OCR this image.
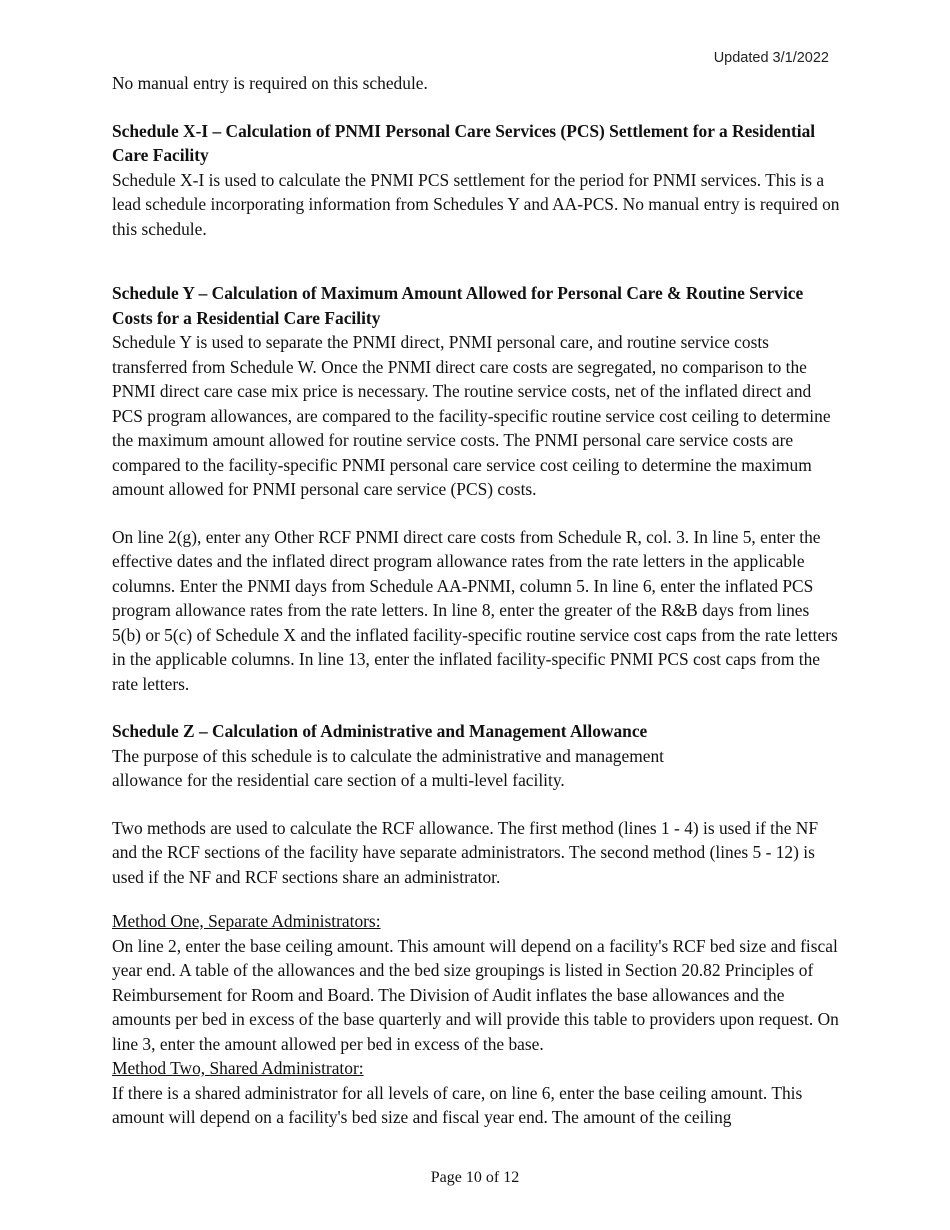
Updated 3/1/2022

No manual entry is required on this schedule.

Schedule X-I – Calculation of PNMI Personal Care Services (PCS) Settlement for a Residential Care Facility

Schedule X-I is used to calculate the PNMI PCS settlement for the period for PNMI services. This is a lead schedule incorporating information from Schedules Y and AA-PCS. No manual entry is required on this schedule.

Schedule Y – Calculation of Maximum Amount Allowed for Personal Care & Routine Service Costs for a Residential Care Facility

Schedule Y is used to separate the PNMI direct, PNMI personal care, and routine service costs transferred from Schedule W. Once the PNMI direct care costs are segregated, no comparison to the PNMI direct care case mix price is necessary. The routine service costs, net of the inflated direct and PCS program allowances, are compared to the facility-specific routine service cost ceiling to determine the maximum amount allowed for routine service costs. The PNMI personal care service costs are compared to the facility-specific PNMI personal care service cost ceiling to determine the maximum amount allowed for PNMI personal care service (PCS) costs.

On line 2(g), enter any Other RCF PNMI direct care costs from Schedule R, col. 3. In line 5, enter the effective dates and the inflated direct program allowance rates from the rate letters in the applicable columns. Enter the PNMI days from Schedule AA-PNMI, column 5. In line 6, enter the inflated PCS program allowance rates from the rate letters. In line 8, enter the greater of the R&B days from lines 5(b) or 5(c) of Schedule X and the inflated facility-specific routine service cost caps from the rate letters in the applicable columns. In line 13, enter the inflated facility-specific PNMI PCS cost caps from the rate letters.

Schedule Z – Calculation of Administrative and Management Allowance

The purpose of this schedule is to calculate the administrative and management
allowance for the residential care section of a multi-level facility.

Two methods are used to calculate the RCF allowance. The first method (lines 1 - 4) is used if the NF and the RCF sections of the facility have separate administrators. The second method (lines 5 - 12) is used if the NF and RCF sections share an administrator.

Method One, Separate Administrators:

On line 2, enter the base ceiling amount. This amount will depend on a facility's RCF bed size and fiscal year end. A table of the allowances and the bed size groupings is listed in Section 20.82 Principles of Reimbursement for Room and Board. The Division of Audit inflates the base allowances and the amounts per bed in excess of the base quarterly and will provide this table to providers upon request. On line 3, enter the amount allowed per bed in excess of the base.

Method Two, Shared Administrator:

If there is a shared administrator for all levels of care, on line 6, enter the base ceiling amount. This amount will depend on a facility's bed size and fiscal year end. The amount of the ceiling

Page 10 of 12
